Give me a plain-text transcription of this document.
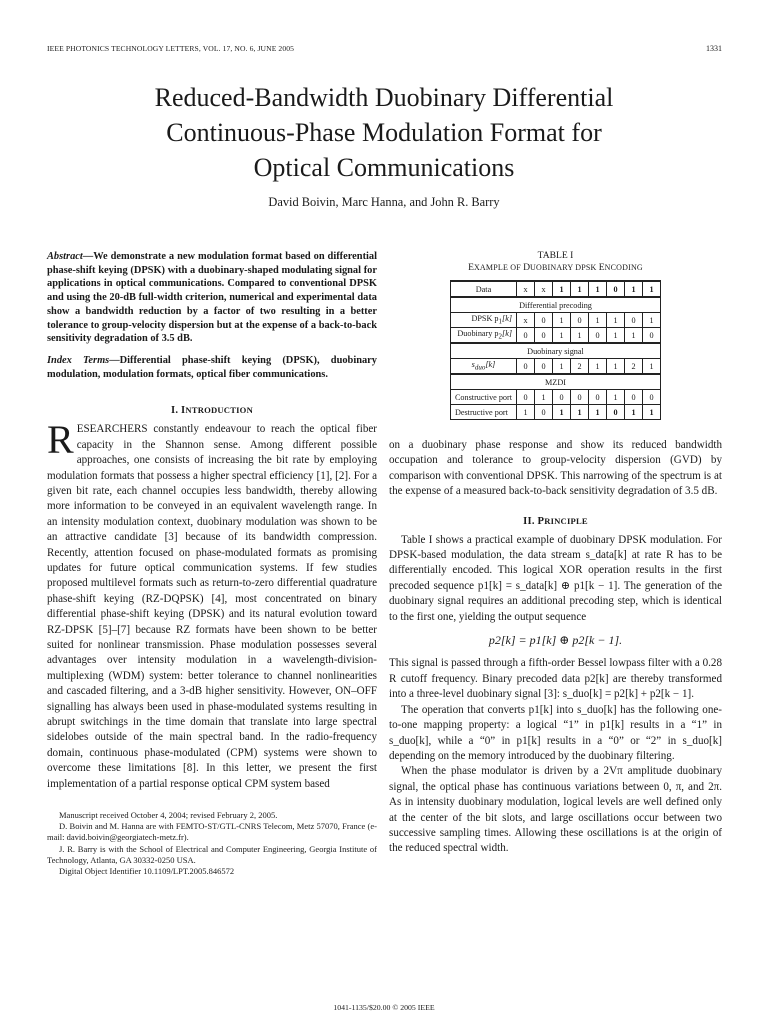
IEEE PHOTONICS TECHNOLOGY LETTERS, VOL. 17, NO. 6, JUNE 2005	1331
Reduced-Bandwidth Duobinary Differential
Continuous-Phase Modulation Format for
Optical Communications
David Boivin, Marc Hanna, and John R. Barry

Abstract—We demonstrate a new modulation format based on differential phase-shift keying (DPSK) with a duobinary-shaped modulating signal for applications in optical communications. Compared to conventional DPSK and using the 20-dB full-width criterion, numerical and experimental data show a bandwidth reduction by a factor of two resulting in a better tolerance to group-velocity dispersion but at the expense of a back-to-back sensitivity degradation of 3.5 dB.

Index Terms—Differential phase-shift keying (DPSK), duobinary modulation, modulation formats, optical fiber communications.

I. INTRODUCTION

RESEARCHERS constantly endeavour to reach the optical fiber capacity in the Shannon sense. Among different possible approaches, one consists of increasing the bit rate by employing modulation formats that possess a higher spectral efficiency [1], [2]. For a given bit rate, each channel occupies less bandwidth, thereby allowing more information to be conveyed in an equivalent wavelength range. In an intensity modulation context, duobinary modulation was shown to be an attractive candidate [3] because of its bandwidth compression. Recently, attention focused on phase-modulated formats as promising updates for future optical communication systems. If few studies proposed multilevel formats such as return-to-zero differential quadrature phase-shift keying (RZ-DQPSK) [4], most concentrated on binary differential phase-shift keying (DPSK) and its natural evolution toward RZ-DPSK [5]–[7] because RZ formats have been shown to be better suited for nonlinear transmission. Phase modulation possesses several advantages over intensity modulation in a wavelength-division-multiplexing (WDM) system: better tolerance to channel nonlinearities and cascaded filtering, and a 3-dB higher sensitivity. However, ON–OFF signalling has always been used in phase-modulated systems resulting in abrupt switchings in the time domain that translate into large spectral sidelobes outside of the main spectral band. In the radio-frequency domain, continuous phase-modulated (CPM) systems were shown to overcome these limitations [8]. In this letter, we present the first implementation of a partial response optical CPM system based

Manuscript received October 4, 2004; revised February 2, 2005.

D. Boivin and M. Hanna are with FEMTO-ST/GTL-CNRS Telecom, Metz 57070, France (e-mail: david.boivin@georgiatech-metz.fr).

J. R. Barry is with the School of Electrical and Computer Engineering, Georgia Institute of Technology, Atlanta, GA 30332-0250 USA.

Digital Object Identifier 10.1109/LPT.2005.846572

TABLE I

EXAMPLE OF DUOBINARY DPSK ENCODING

Data	x	x	1	1	1	0	1	1
Differential precoding								
DPSK $p_1[k]$	x	0	1	0	1	1	0	1
Duobinary $p_2[k]$	0	0	1	1	0	1	1	0
Duobinary signal								
$s_{duo}[k]$	0	0	1	2	1	1	2	1
MZDI								
Constructive port	0	1	0	0	0	1	0	0
Destructive port	1	0	1	1	1	0	1	1

on a duobinary phase response and show its reduced bandwidth occupation and tolerance to group-velocity dispersion (GVD) by comparison with conventional DPSK. This narrowing of the spectrum is at the expense of a measured back-to-back sensitivity degradation of 3.5 dB.

II. PRINCIPLE

Table I shows a practical example of duobinary DPSK modulation. For DPSK-based modulation, the data stream s_data[k] at rate R has to be differentially encoded. This logical XOR operation results in the first precoded sequence p1[k] = s_data[k] ⊕ p1[k − 1]. The generation of the duobinary signal requires an additional precoding step, which is identical to the first one, yielding the output sequence

p2[k] = p1[k] ⊕ p2[k − 1].

This signal is passed through a fifth-order Bessel lowpass filter with a 0.28 R cutoff frequency. Binary precoded data p2[k] are thereby transformed into a three-level duobinary signal [3]: s_duo[k] = p2[k] + p2[k − 1].

The operation that converts p1[k] into s_duo[k] has the following one-to-one mapping property: a logical “1” in p1[k] results in a “1” in s_duo[k], while a “0” in p1[k] results in a “0” or “2” in s_duo[k] depending on the memory introduced by the duobinary filtering.

When the phase modulator is driven by a 2Vπ amplitude duobinary signal, the optical phase has continuous variations between 0, π, and 2π. As in intensity duobinary modulation, logical levels are well defined only at the center of the bit slots, and large oscillations occur between two successive sampling times. Allowing these oscillations is at the origin of the reduced spectral width.

1041-1135/$20.00 © 2005 IEEE
